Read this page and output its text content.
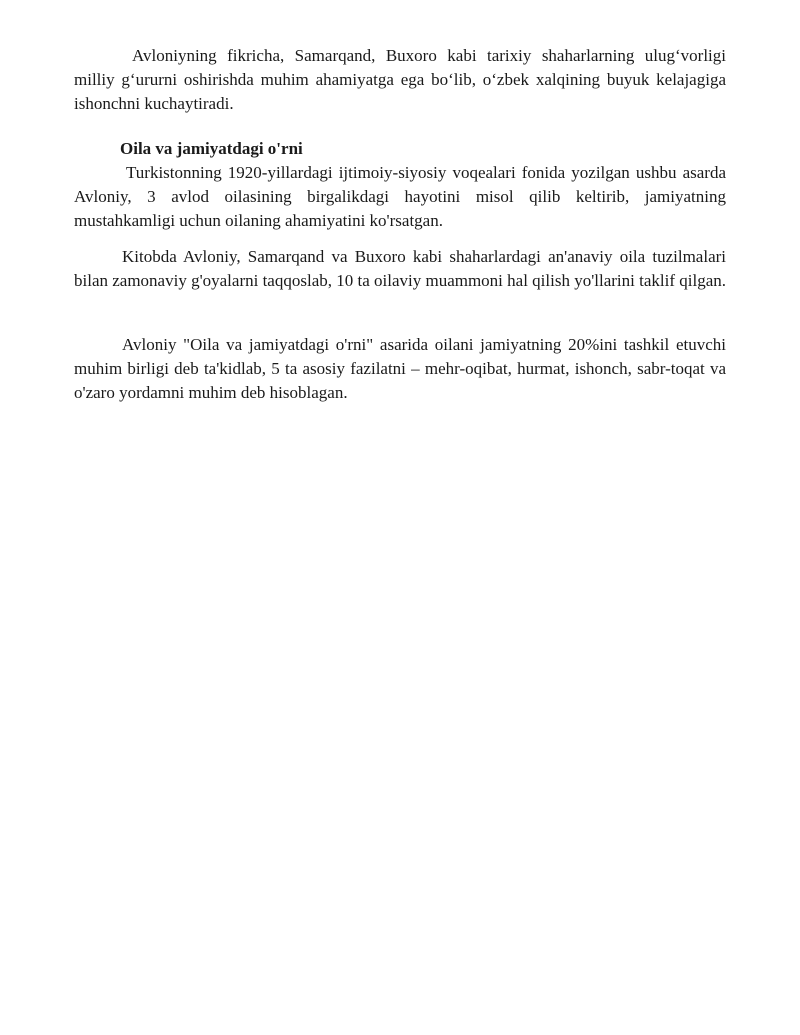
Avloniyning fikricha, Samarqand, Buxoro kabi tarixiy shaharlarning ulug‘vorligi milliy g‘ururni oshirishda muhim ahamiyatga ega bo‘lib, o‘zbek xalqining buyuk kelajagiga ishonchni kuchaytiradi.

Oila va jamiyatdagi o'rni

Turkistonning 1920-yillardagi ijtimoiy-siyosiy voqealari fonida yozilgan ushbu asarda Avloniy, 3 avlod oilasining birgalikdagi hayotini misol qilib keltirib, jamiyatning mustahkamligi uchun oilaning ahamiyatini ko'rsatgan.

Kitobda Avloniy, Samarqand va Buxoro kabi shaharlardagi an'anaviy oila tuzilmalari bilan zamonaviy g'oyalarni taqqoslab, 10 ta oilaviy muammoni hal qilish yo'llarini taklif qilgan.

Avloniy "Oila va jamiyatdagi o'rni" asarida oilani jamiyatning 20%ini tashkil etuvchi muhim birligi deb ta'kidlab, 5 ta asosiy fazilatni – mehr-oqibat, hurmat, ishonch, sabr-toqat va o'zaro yordamni muhim deb hisoblagan.
